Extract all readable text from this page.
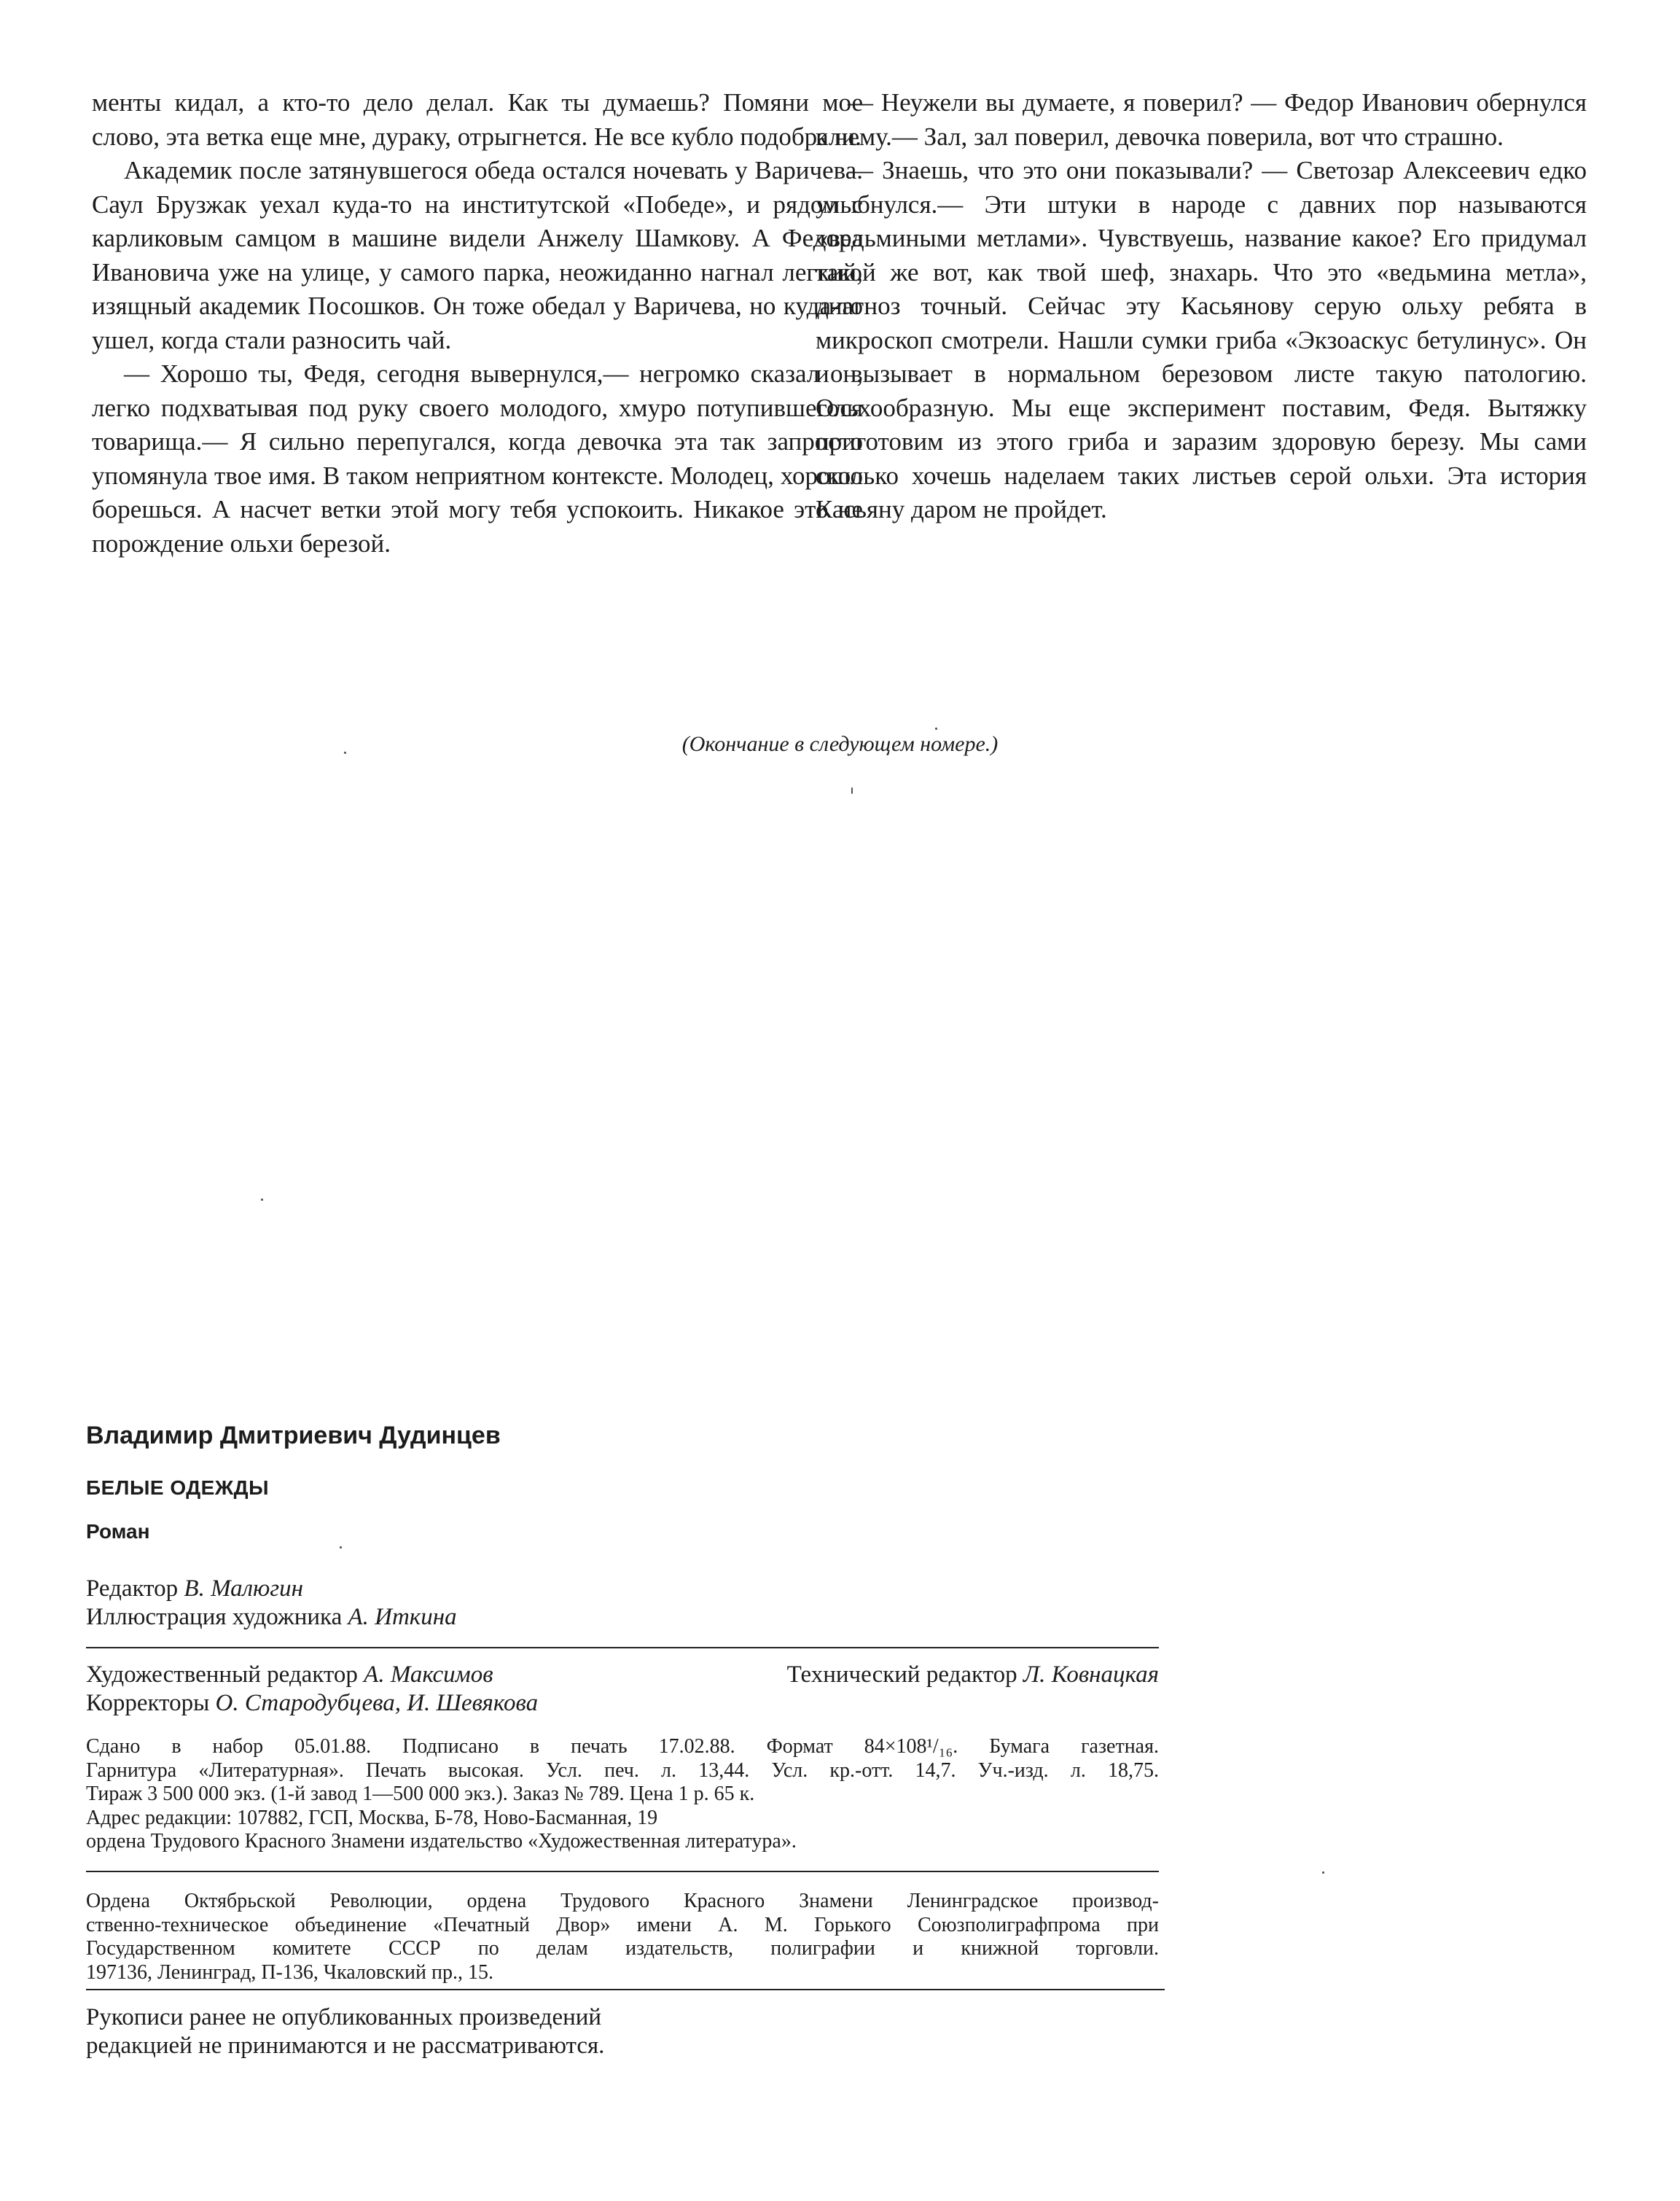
менты кидал, а кто-то дело делал. Как ты думаешь? Помяни мое слово, эта ветка еще мне, дураку, отрыгнется. Не все кубло подобрали.

Академик после затянувшегося обеда остался ночевать у Варичева. Саул Брузжак уехал куда-то на институтской «Победе», и рядом с карликовым самцом в машине видели Анжелу Шамкову. А Федора Ивановича уже на улице, у самого парка, неожиданно нагнал легкий, изящный академик Посошков. Он тоже обедал у Варичева, но куда-то ушел, когда стали разносить чай.

— Хорошо ты, Федя, сегодня вывернулся,— негромко сказал он, легко подхватывая под руку своего молодого, хмуро потупившегося товарища.— Я сильно перепугался, когда девочка эта так запросто упомянула твое имя. В таком неприятном контексте. Молодец, хорошо борешься. А насчет ветки этой могу тебя успокоить. Никакое это не порождение ольхи березой.

— Неужели вы думаете, я поверил? — Федор Иванович обернулся к нему.— Зал, зал поверил, девочка поверила, вот что страшно.

— Знаешь, что это они показывали? — Светозар Алексеевич едко улыбнулся.— Эти штуки в народе с давних пор называются «ведьмиными метлами». Чувствуешь, название какое? Его придумал такой же вот, как твой шеф, знахарь. Что это «ведьмина метла», диагноз точный. Сейчас эту Касьянову серую ольху ребята в микроскоп смотрели. Нашли сумки гриба «Экзоаскус бетулинус». Он и вызывает в нормальном березовом листе такую патологию. Ольхообразную. Мы еще эксперимент поставим, Федя. Вытяжку приготовим из этого гриба и заразим здоровую березу. Мы сами сколько хочешь наделаем таких листьев серой ольхи. Эта история Касьяну даром не пройдет.

(Окончание в следующем номере.)
Владимир Дмитриевич Дудинцев
БЕЛЫЕ ОДЕЖДЫ
Роман
Редактор В. Малюгин
Иллюстрация художника А. Иткина
Художественный редактор А. Максимов
Корректоры О. Стародубцева, И. Шевякова
Технический редактор Л. Ковнацкая
Сдано в набор 05.01.88. Подписано в печать 17.02.88. Формат 84×108¹/₁₆. Бумага газетная.
Гарнитура «Литературная». Печать высокая. Усл. печ. л. 13,44. Усл. кр.-отт. 14,7. Уч.-изд. л. 18,75.
Тираж 3 500 000 экз. (1-й завод 1—500 000 экз.). Заказ № 789. Цена 1 р. 65 к.
Адрес редакции: 107882, ГСП, Москва, Б-78, Ново-Басманная, 19
ордена Трудового Красного Знамени издательство «Художественная литература».
Ордена Октябрьской Революции, ордена Трудового Красного Знамени Ленинградское производ-
ственно-техническое объединение «Печатный Двор» имени А. М. Горького Союзполиграфпрома при
Государственном комитете СССР по делам издательств, полиграфии и книжной торговли.
197136, Ленинград, П-136, Чкаловский пр., 15.
Рукописи ранее не опубликованных произведений
редакцией не принимаются и не рассматриваются.
